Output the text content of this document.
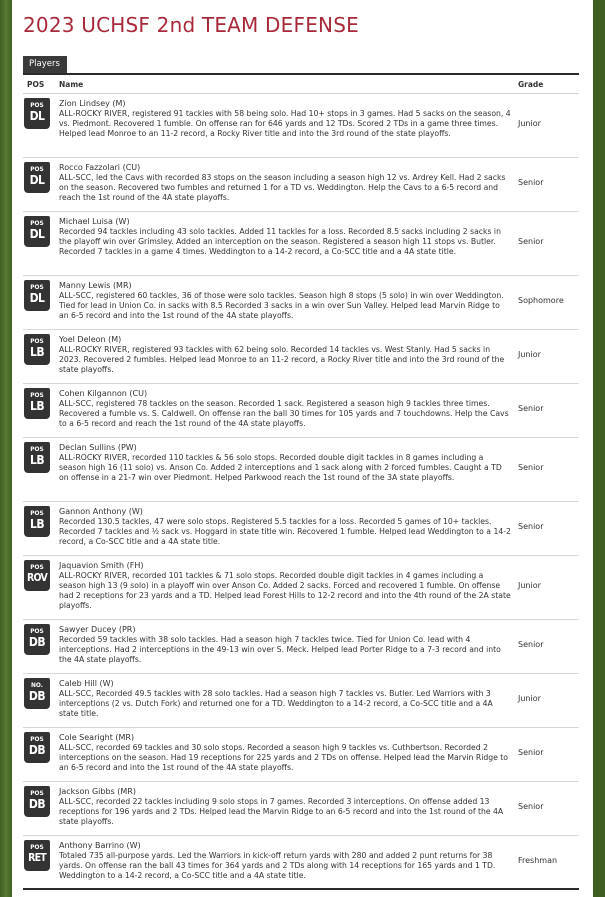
2023 UCHSF 2nd TEAM DEFENSE
Players
POS Name	Grade
POS
DL
Zion Lindsey (M)
ALL-ROCKY RIVER, registered 91 tackles with 58 being solo. Had 10+ stops in 3 games. Had 5 sacks on the season, 4 vs. Piedmont. Recovered 1 fumble. On offense ran for 646 yards and 12 TDs. Scored 2 TDs in a game three times. Helped lead Monroe to an 11-2 record, a Rocky River title and into the 3rd round of the state playoffs.
Junior
POS
DL
Rocco Fazzolari (CU)
ALL-SCC, led the Cavs with recorded 83 stops on the season including a season high 12 vs. Ardrey Kell. Had 2 sacks on the season. Recovered two fumbles and returned 1 for a TD vs. Weddington. Help the Cavs to a 6-5 record and reach the 1st round of the 4A state playoffs.
Senior
POS
DL
Michael Luisa (W)
Recorded 94 tackles including 43 solo tackles. Added 11 tackles for a loss. Recorded 8.5 sacks including 2 sacks in the playoff win over Grimsley. Added an interception on the season. Registered a season high 11 stops vs. Butler. Recorded 7 tackles in a game 4 times. Weddington to a 14-2 record, a Co-SCC title and a 4A state title.
Senior
POS
DL
Manny Lewis (MR)
ALL-SCC, registered 60 tackles, 36 of those were solo tackles. Season high 8 stops (5 solo) in win over Weddington. Tied for lead in Union Co. in sacks with 8.5 Recorded 3 sacks in a win over Sun Valley. Helped lead Marvin Ridge to an 6-5 record and into the 1st round of the 4A state playoffs.
Sophomore
POS
LB
Yoel Deleon (M)
ALL-ROCKY RIVER, registered 93 tackles with 62 being solo. Recorded 14 tackles vs. West Stanly. Had 5 sacks in 2023. Recovered 2 fumbles. Helped lead Monroe to an 11-2 record, a Rocky River title and into the 3rd round of the state playoffs.
Junior
POS
LB
Cohen Kilgannon (CU)
ALL-SCC, registered 78 tackles on the season. Recorded 1 sack. Registered a season high 9 tackles three times. Recovered a fumble vs. S. Caldwell. On offense ran the ball 30 times for 105 yards and 7 touchdowns. Help the Cavs to a 6-5 record and reach the 1st round of the 4A state playoffs.
Senior
POS
LB
Declan Sullins (PW)
ALL-ROCKY RIVER, recorded 110 tackles & 56 solo stops. Recorded double digit tackles in 8 games including a season high 16 (11 solo) vs. Anson Co. Added 2 interceptions and 1 sack along with 2 forced fumbles. Caught a TD on offense in a 21-7 win over Piedmont. Helped Parkwood reach the 1st round of the 3A state playoffs.
Senior
POS
LB
Gannon Anthony (W)
Recorded 130.5 tackles, 47 were solo stops. Registered 5.5 tackles for a loss. Recorded 5 games of 10+ tackles. Recorded 7 tackles and ½ sack vs. Hoggard in state title win. Recovered 1 fumble. Helped lead Weddington to a 14-2 record, a Co-SCC title and a 4A state title.
Senior
POS
ROV
Jaquavion Smith (FH)
ALL-ROCKY RIVER, recorded 101 tackles & 71 solo stops. Recorded double digit tackles in 4 games including a season high 13 (9 solo) in a playoff win over Anson Co. Added 2 sacks. Forced and recovered 1 fumble. On offense had 2 receptions for 23 yards and a TD. Helped lead Forest Hills to 12-2 record and into the 4th round of the 2A state playoffs.
Junior
POS
DB
Sawyer Ducey (PR)
Recorded 59 tackles with 38 solo tackles. Had a season high 7 tackles twice. Tied for Union Co. lead with 4 interceptions. Had 2 interceptions in the 49-13 win over S. Meck. Helped lead Porter Ridge to a 7-3 record and into the 4A state playoffs.
Senior
NO.
DB
Caleb Hill (W)
ALL-SCC, Recorded 49.5 tackles with 28 solo tackles. Had a season high 7 tackles vs. Butler. Led Warriors with 3 interceptions (2 vs. Dutch Fork) and returned one for a TD. Weddington to a 14-2 record, a Co-SCC title and a 4A state title.
Junior
POS
DB
Cole Searight (MR)
ALL-SCC, recorded 69 tackles and 30 solo stops. Recorded a season high 9 tackles vs. Cuthbertson. Recorded 2 interceptions on the season. Had 19 receptions for 225 yards and 2 TDs on offense. Helped lead the Marvin Ridge to an 6-5 record and into the 1st round of the 4A state playoffs.
Senior
POS
DB
Jackson Gibbs (MR)
ALL-SCC, recorded 22 tackles including 9 solo stops in 7 games. Recorded 3 interceptions. On offense added 13 receptions for 196 yards and 2 TDs. Helped lead the Marvin Ridge to an 6-5 record and into the 1st round of the 4A state playoffs.
Senior
POS
RET
Anthony Barrino (W)
Totaled 735 all-purpose yards. Led the Warriors in kick-off return yards with 280 and added 2 punt returns for 38 yards. On offense ran the ball 43 times for 364 yards and 2 TDs along with 14 receptions for 165 yards and 1 TD. Weddington to a 14-2 record, a Co-SCC title and a 4A state title.
Freshman
